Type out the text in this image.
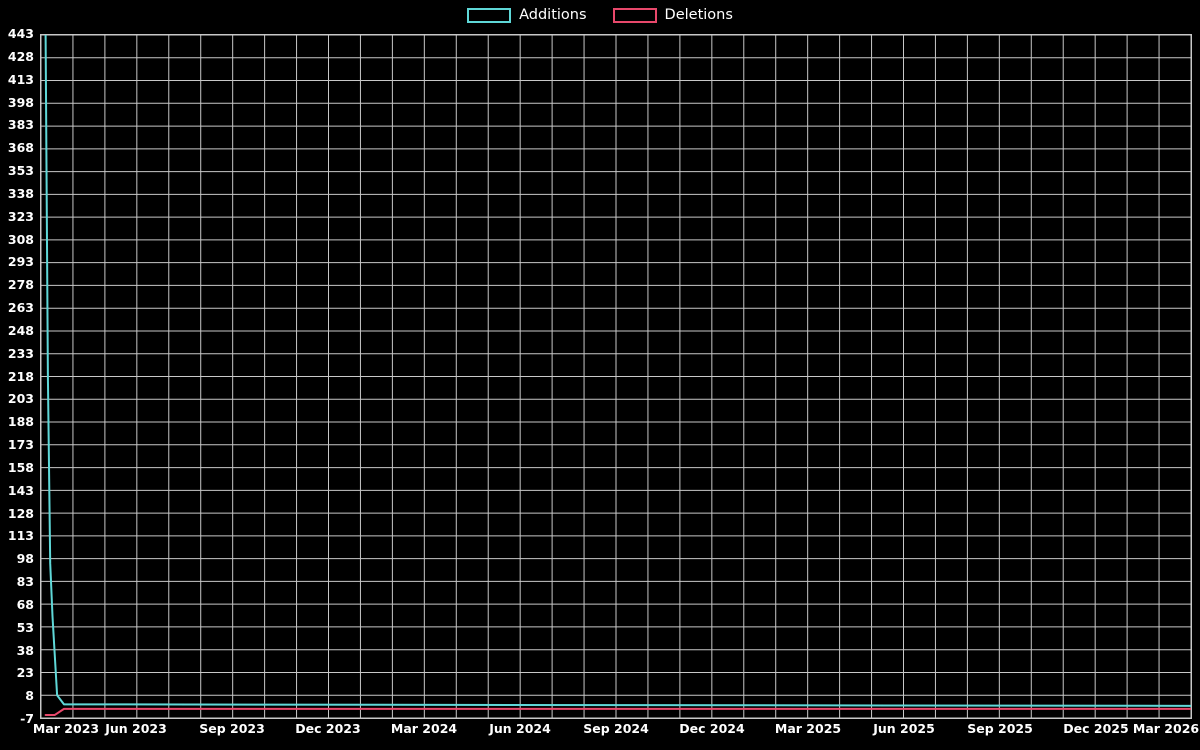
Additions	Deletions
443
428
413
398
383
368
353
338
323
308
293
278
263
248
233
218
203
188
173
158
143
128
113
98
83
68
53
38
23
8
-7
Mar 2023 Jun 2023	Sep 2023 Dec 2023 Mar 2024	Jun 2024	Sep 2024 Dec 2024 Mar 2025	Jun 2025	Sep 2025 Dec 2025 Mar 2026
